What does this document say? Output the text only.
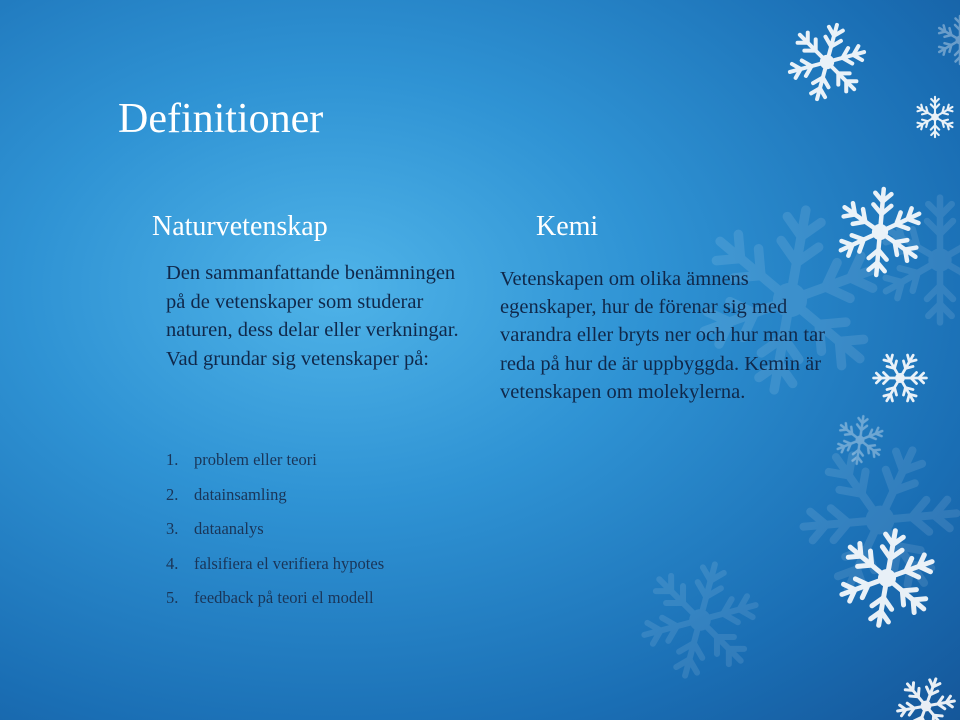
Definitioner
Naturvetenskap

Den sammanfattande benämningen på de vetenskaper som studerar naturen, dess delar eller verkningar. Vad grundar sig vetenskaper på:

1. problem eller teori
2. datainsamling
3. dataanalys
4. falsifiera el verifiera hypotes
5. feedback på teori el modell
Kemi

Vetenskapen om olika ämnens egenskaper, hur de förenar sig med varandra eller bryts ner och hur man tar reda på hur de är uppbyggda. Kemin är vetenskapen om molekylerna.
